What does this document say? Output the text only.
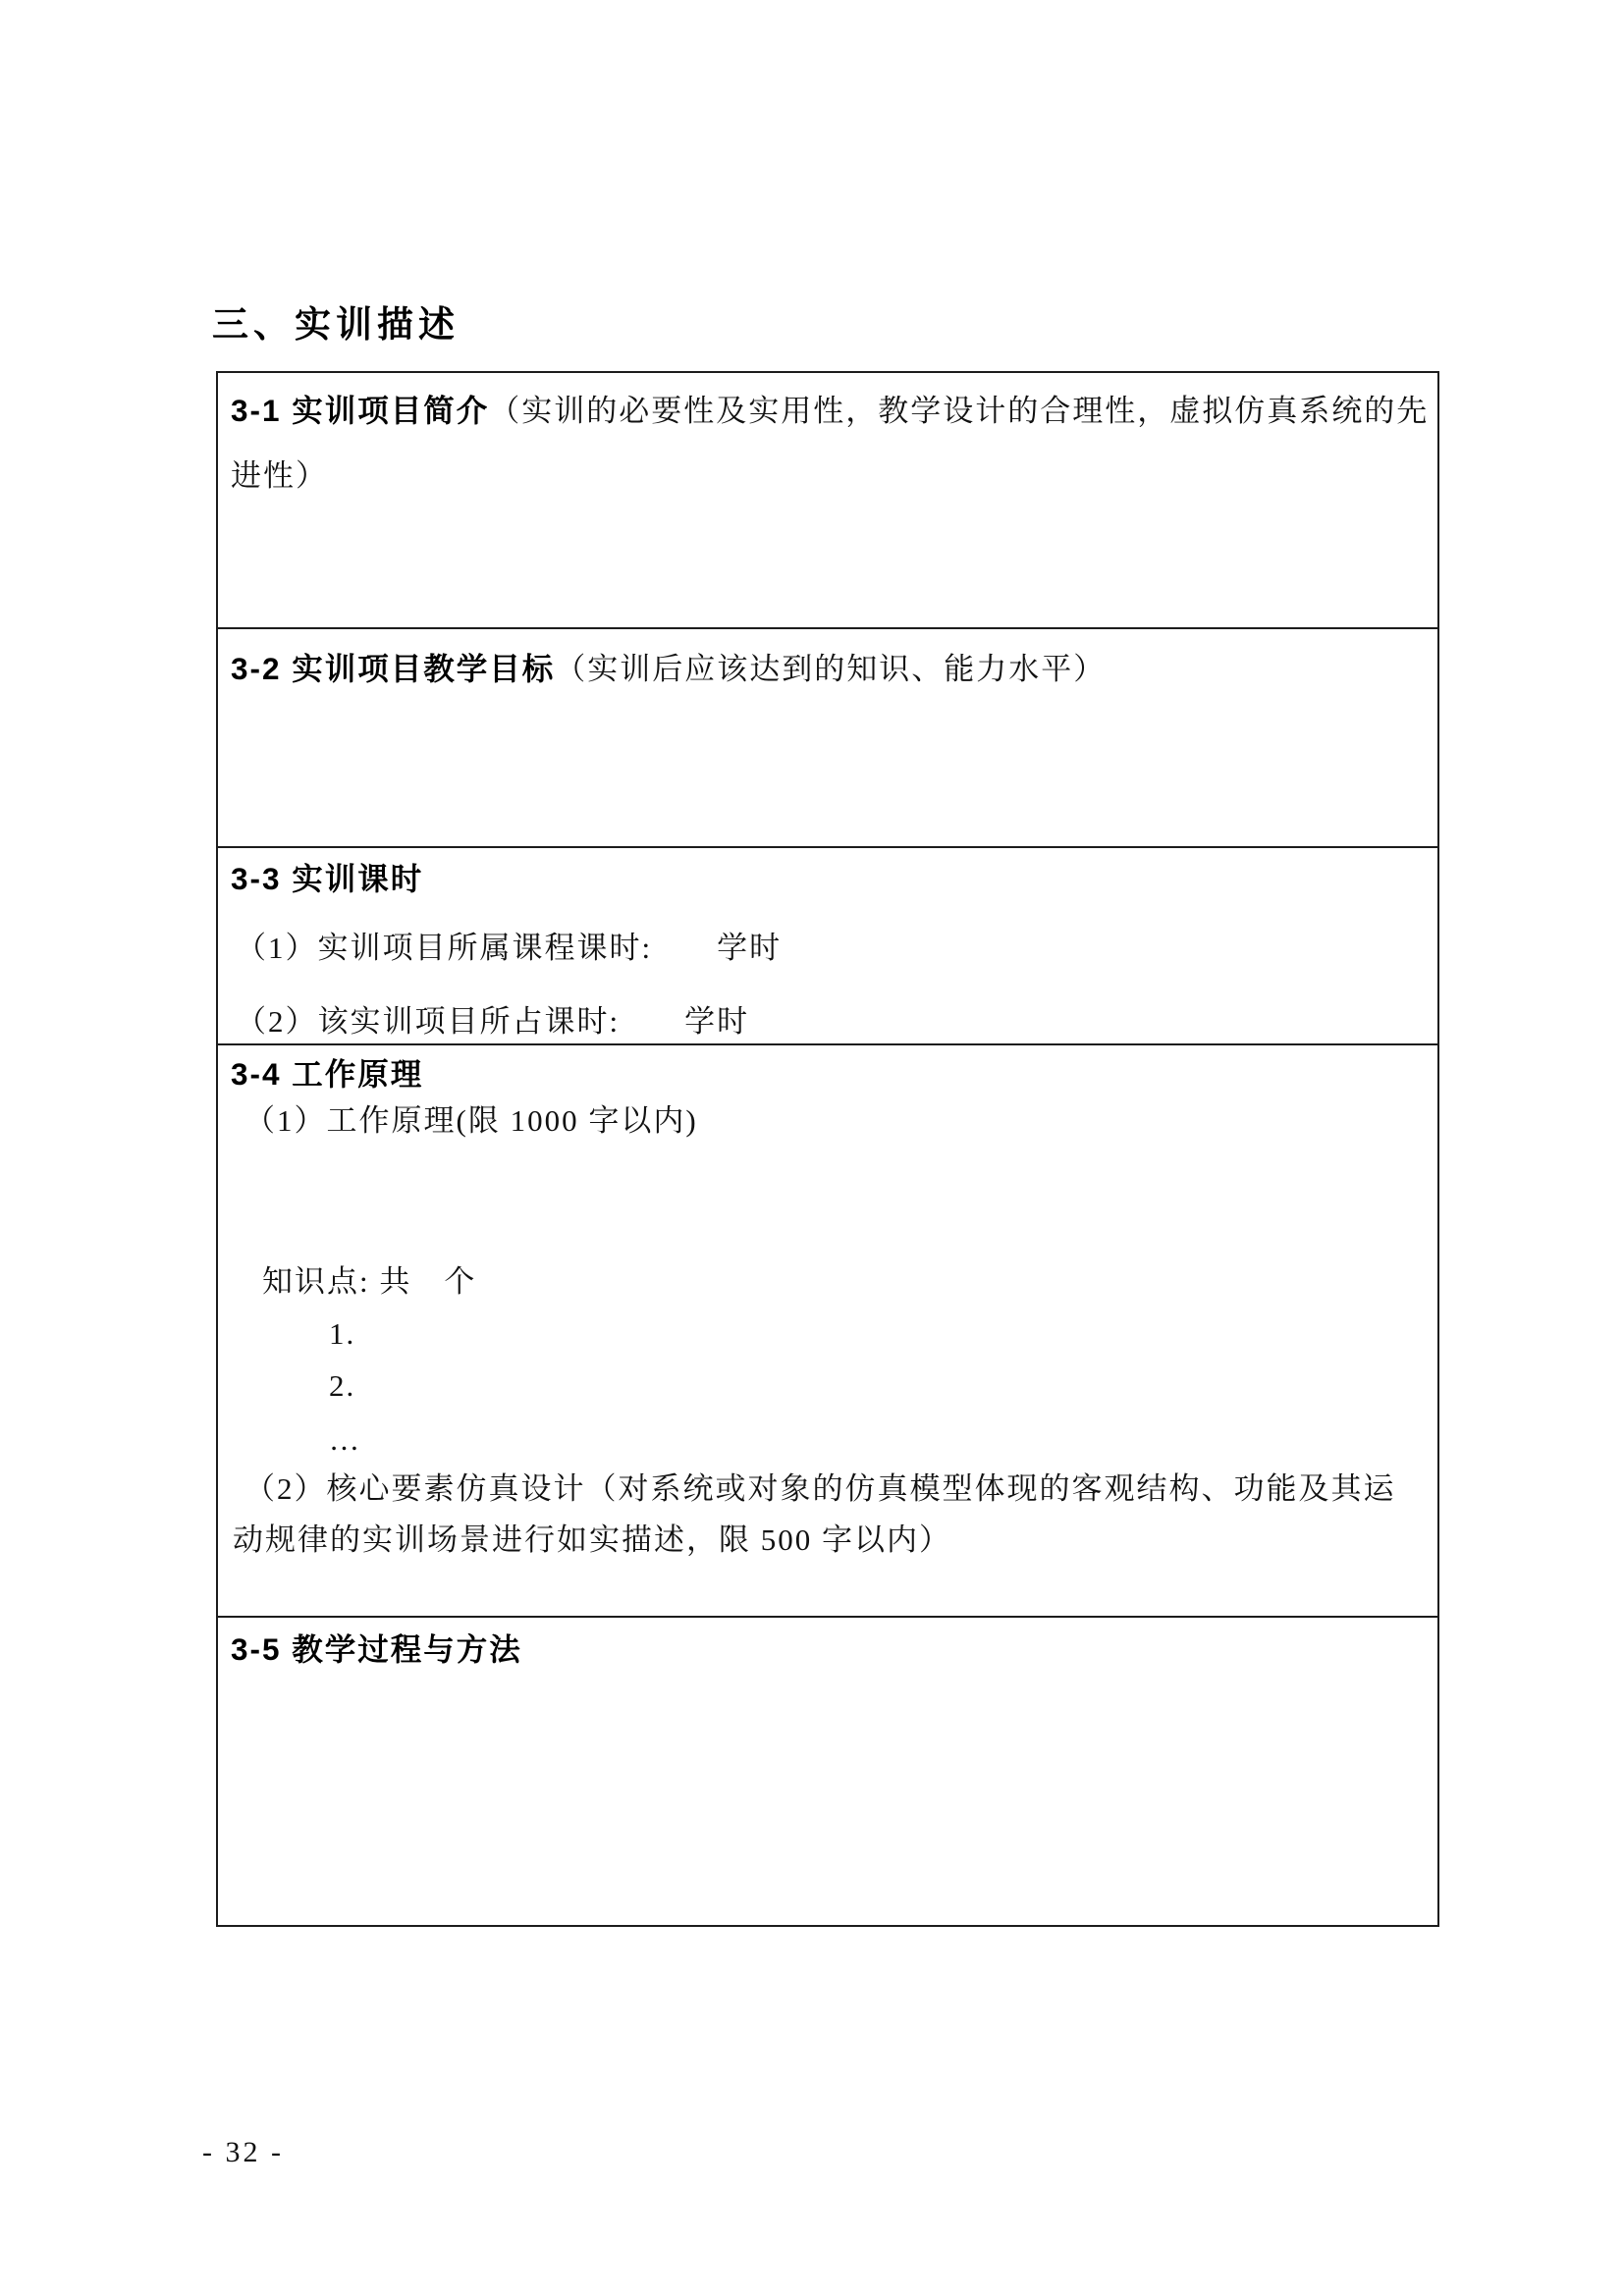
三、实训描述
3-1 实训项目简介（实训的必要性及实用性，教学设计的合理性，虚拟仿真系统的先
进性）
3-2 实训项目教学目标（实训后应该达到的知识、能力水平）
3-3 实训课时
（1）实训项目所属课程课时:　　学时
（2）该实训项目所占课时:　　学时
3-4 工作原理
（1）工作原理(限 1000 字以内)
知识点: 共　个
1.
2.
…
（2）核心要素仿真设计（对系统或对象的仿真模型体现的客观结构、功能及其运
动规律的实训场景进行如实描述，限 500 字以内）
3-5 教学过程与方法
- 32 -
